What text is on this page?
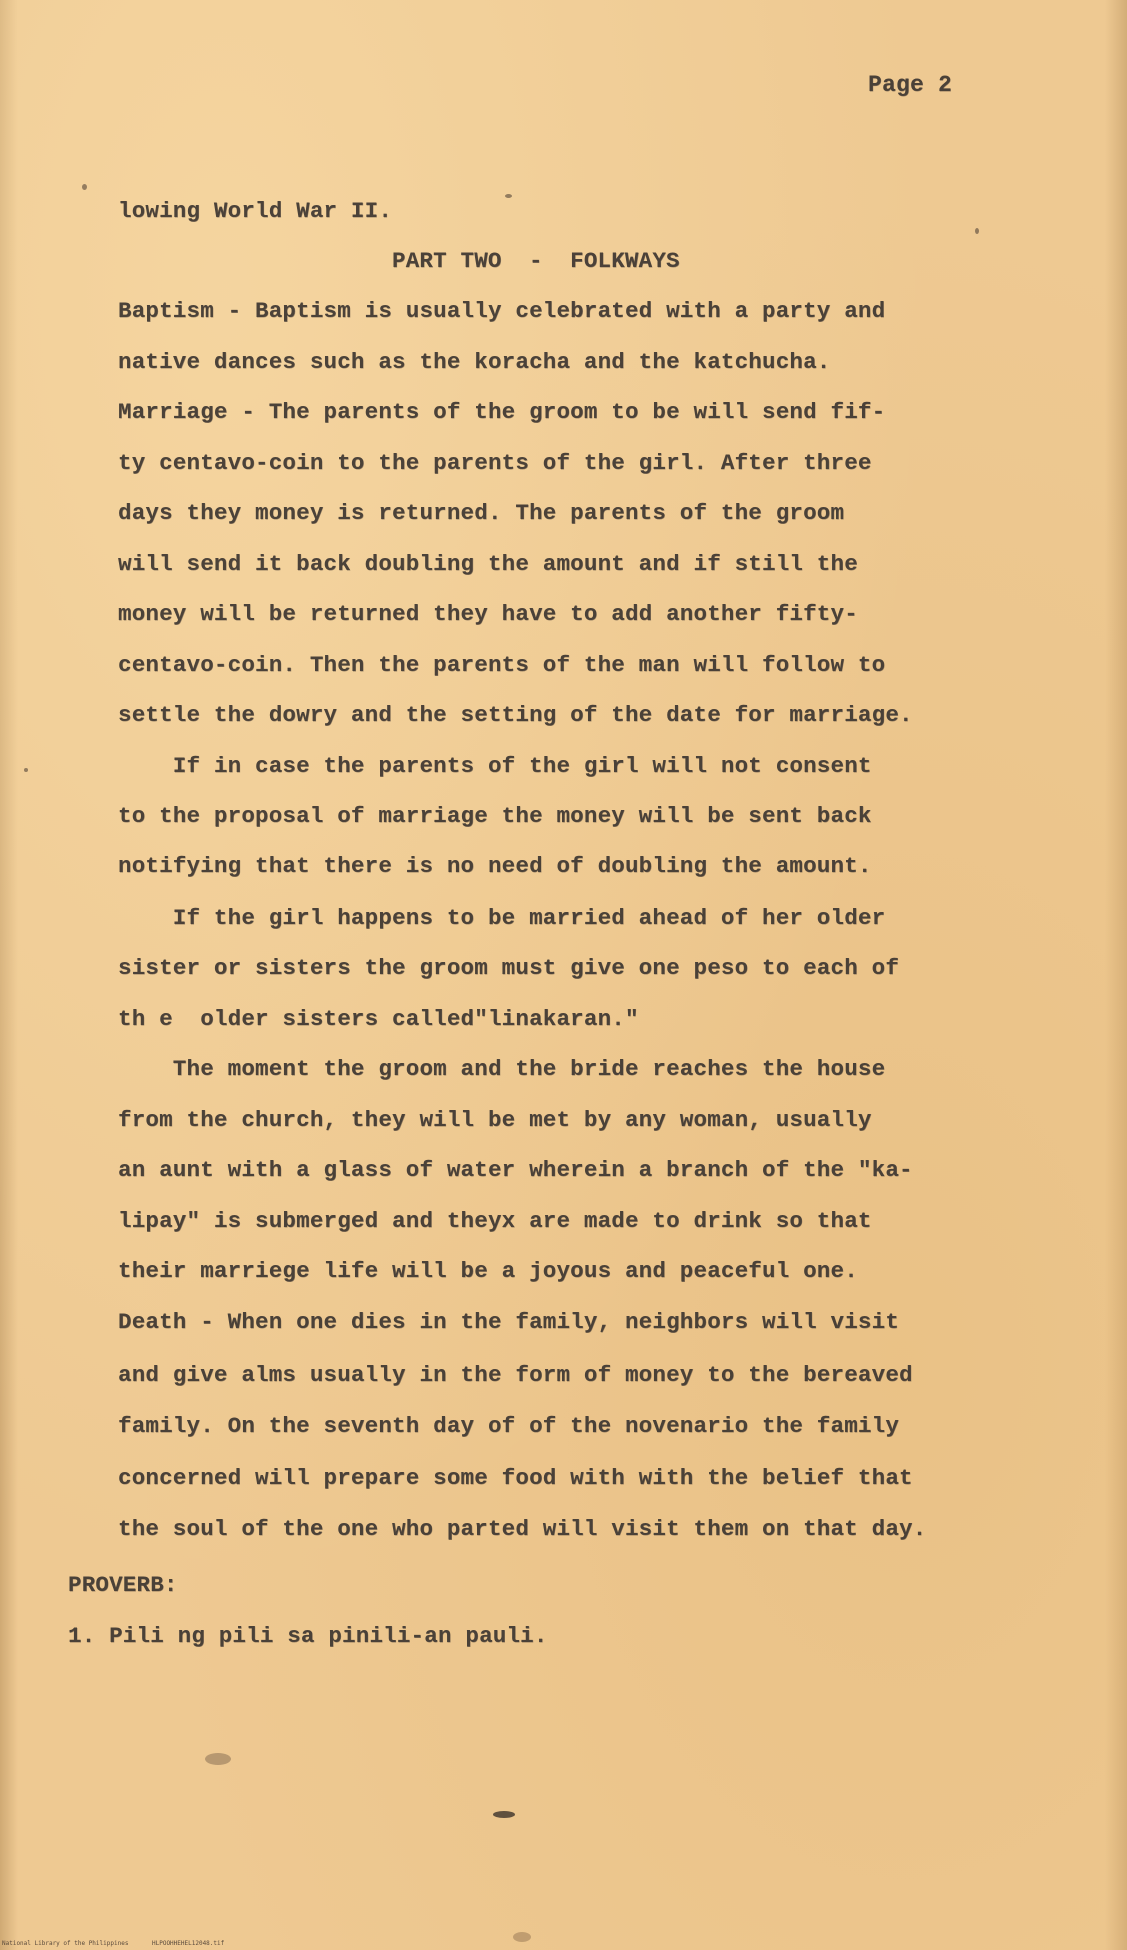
Page 2
lowing World War II.
PART TWO  -  FOLKWAYS
Baptism - Baptism is usually celebrated with a party and
native dances such as the koracha and the katchucha.
Marriage - The parents of the groom to be will send fif-
ty centavo-coin to the parents of the girl. After three
days they money is returned. The parents of the groom
will send it back doubling the amount and if still the
money will be returned they have to add another fifty-
centavo-coin. Then the parents of the man will follow to
settle the dowry and the setting of the date for marriage.
If in case the parents of the girl will not consent
to the proposal of marriage the money will be sent back
notifying that there is no need of doubling the amount.
If the girl happens to be married ahead of her older
sister or sisters the groom must give one peso to each of
th e  older sisters called"linakaran."
The moment the groom and the bride reaches the house
from the church, they will be met by any woman, usually
an aunt with a glass of water wherein a branch of the "ka-
lipay" is submerged and theyx are made to drink so that
their marriege life will be a joyous and peaceful one.
Death - When one dies in the family, neighbors will visit
and give alms usually in the form of money to the bereaved
family. On the seventh day of of the novenario the family
concerned will prepare some food with with the belief that
the soul of the one who parted will visit them on that day.
PROVERB:
1. Pili ng pili sa pinili-an pauli.
National Library of the Philippines	HLPOOHHEHEL12048.tif
